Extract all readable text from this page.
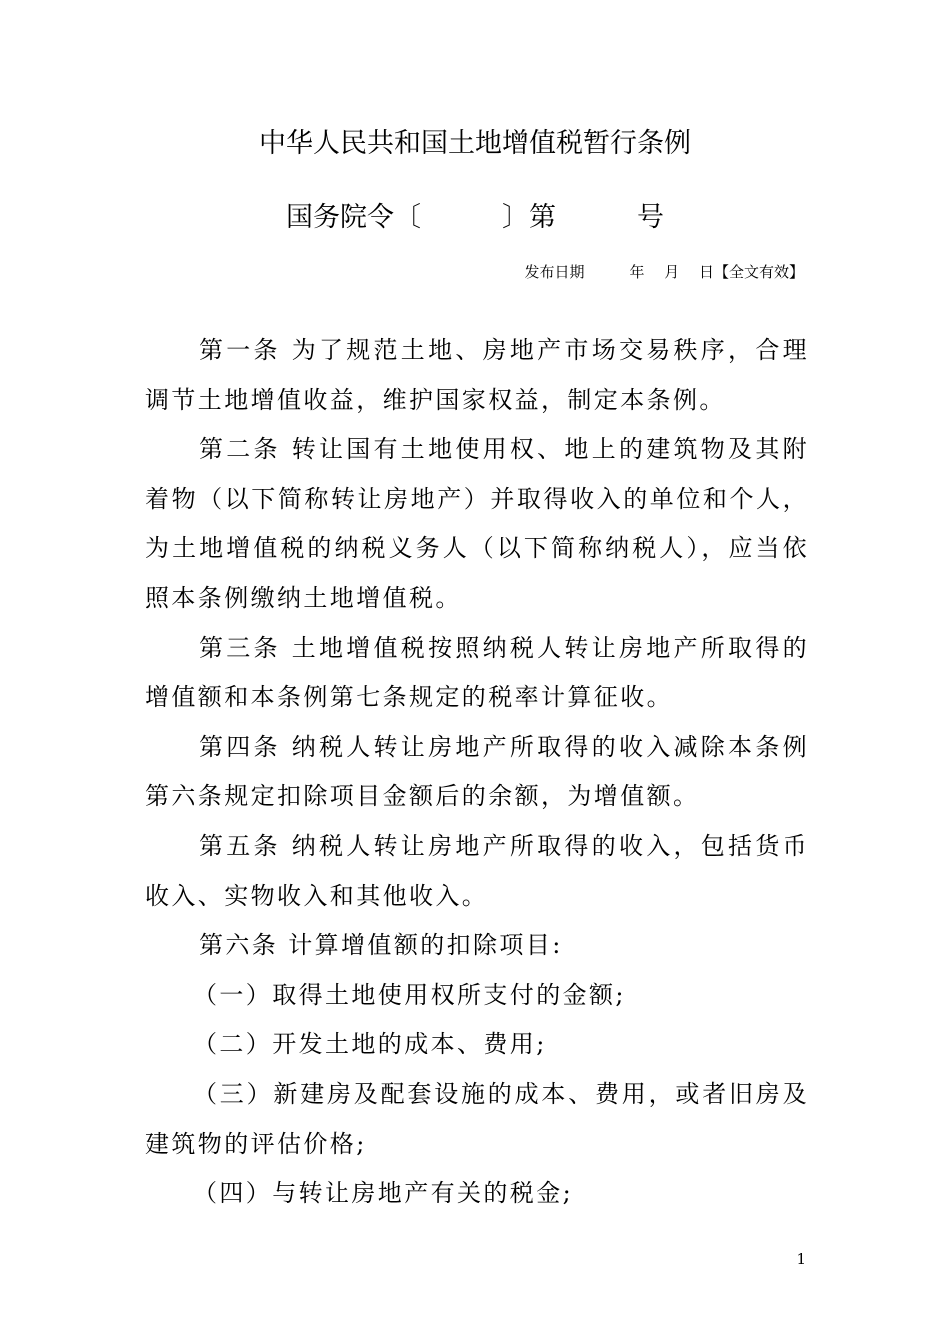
中华人民共和国土地增值税暂行条例
国务院令〔　　　〕第　　　号
发布日期　　　年　 月　 日【全文有效】

第一条 为了规范土地、房地产市场交易秩序，合理调节土地增值收益，维护国家权益，制定本条例。

第二条 转让国有土地使用权、地上的建筑物及其附着物（以下简称转让房地产）并取得收入的单位和个人，为土地增值税的纳税义务人（以下简称纳税人），应当依照本条例缴纳土地增值税。

第三条 土地增值税按照纳税人转让房地产所取得的增值额和本条例第七条规定的税率计算征收。

第四条 纳税人转让房地产所取得的收入减除本条例第六条规定扣除项目金额后的余额，为增值额。

第五条 纳税人转让房地产所取得的收入，包括货币收入、实物收入和其他收入。

第六条 计算增值额的扣除项目:

（一）取得土地使用权所支付的金额;

（二）开发土地的成本、费用;

（三）新建房及配套设施的成本、费用，或者旧房及建筑物的评估价格;

（四）与转让房地产有关的税金;

1
